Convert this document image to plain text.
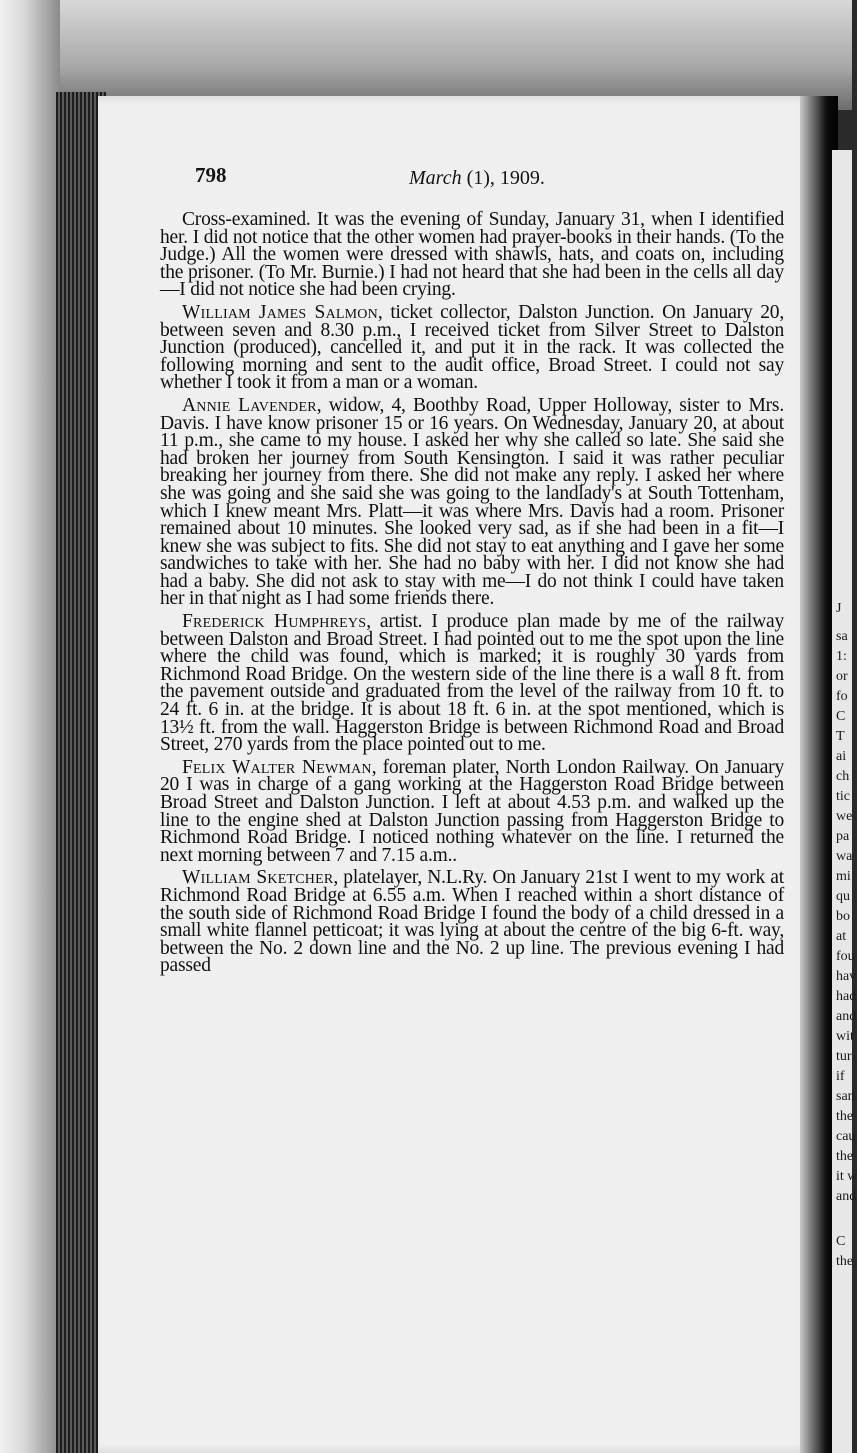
J
sa
1:
or
fo
C
T
ai
ch
tic
we
pa
wa
mi
qu
bo
at
fou
hav
had
and
wit
tur
if
san
the
cau
the
it w
and
C
the
798	March (1), 1909.

Cross-examined. It was the evening of Sunday, January 31, when I identified her. I did not notice that the other women had prayer-books in their hands. (To the Judge.) All the women were dressed with shawls, hats, and coats on, including the prisoner. (To Mr. Burnie.) I had not heard that she had been in the cells all day—I did not notice she had been crying.

William James Salmon, ticket collector, Dalston Junction. On January 20, between seven and 8.30 p.m., I received ticket from Silver Street to Dalston Junction (produced), cancelled it, and put it in the rack. It was collected the following morning and sent to the audit office, Broad Street. I could not say whether I took it from a man or a woman.

Annie Lavender, widow, 4, Boothby Road, Upper Holloway, sister to Mrs. Davis. I have know prisoner 15 or 16 years. On Wednesday, January 20, at about 11 p.m., she came to my house. I asked her why she called so late. She said she had broken her journey from South Kensington. I said it was rather peculiar breaking her journey from there. She did not make any reply. I asked her where she was going and she said she was going to the landlady's at South Tottenham, which I knew meant Mrs. Platt—it was where Mrs. Davis had a room. Prisoner remained about 10 minutes. She looked very sad, as if she had been in a fit—I knew she was subject to fits. She did not stay to eat anything and I gave her some sandwiches to take with her. She had no baby with her. I did not know she had had a baby. She did not ask to stay with me—I do not think I could have taken her in that night as I had some friends there.

Frederick Humphreys, artist. I produce plan made by me of the railway between Dalston and Broad Street. I had pointed out to me the spot upon the line where the child was found, which is marked; it is roughly 30 yards from Richmond Road Bridge. On the western side of the line there is a wall 8 ft. from the pavement outside and graduated from the level of the railway from 10 ft. to 24 ft. 6 in. at the bridge. It is about 18 ft. 6 in. at the spot mentioned, which is 13½ ft. from the wall. Haggerston Bridge is between Richmond Road and Broad Street, 270 yards from the place pointed out to me.

Felix Walter Newman, foreman plater, North London Railway. On January 20 I was in charge of a gang working at the Haggerston Road Bridge between Broad Street and Dalston Junction. I left at about 4.53 p.m. and walked up the line to the engine shed at Dalston Junction passing from Haggerston Bridge to Richmond Road Bridge. I noticed nothing whatever on the line. I returned the next morning between 7 and 7.15 a.m..

William Sketcher, platelayer, N.L.Ry. On January 21st I went to my work at Richmond Road Bridge at 6.55 a.m. When I reached within a short distance of the south side of Richmond Road Bridge I found the body of a child dressed in a small white flannel petticoat; it was lying at about the centre of the big 6-ft. way, between the No. 2 down line and the No. 2 up line. The previous evening I had passed
